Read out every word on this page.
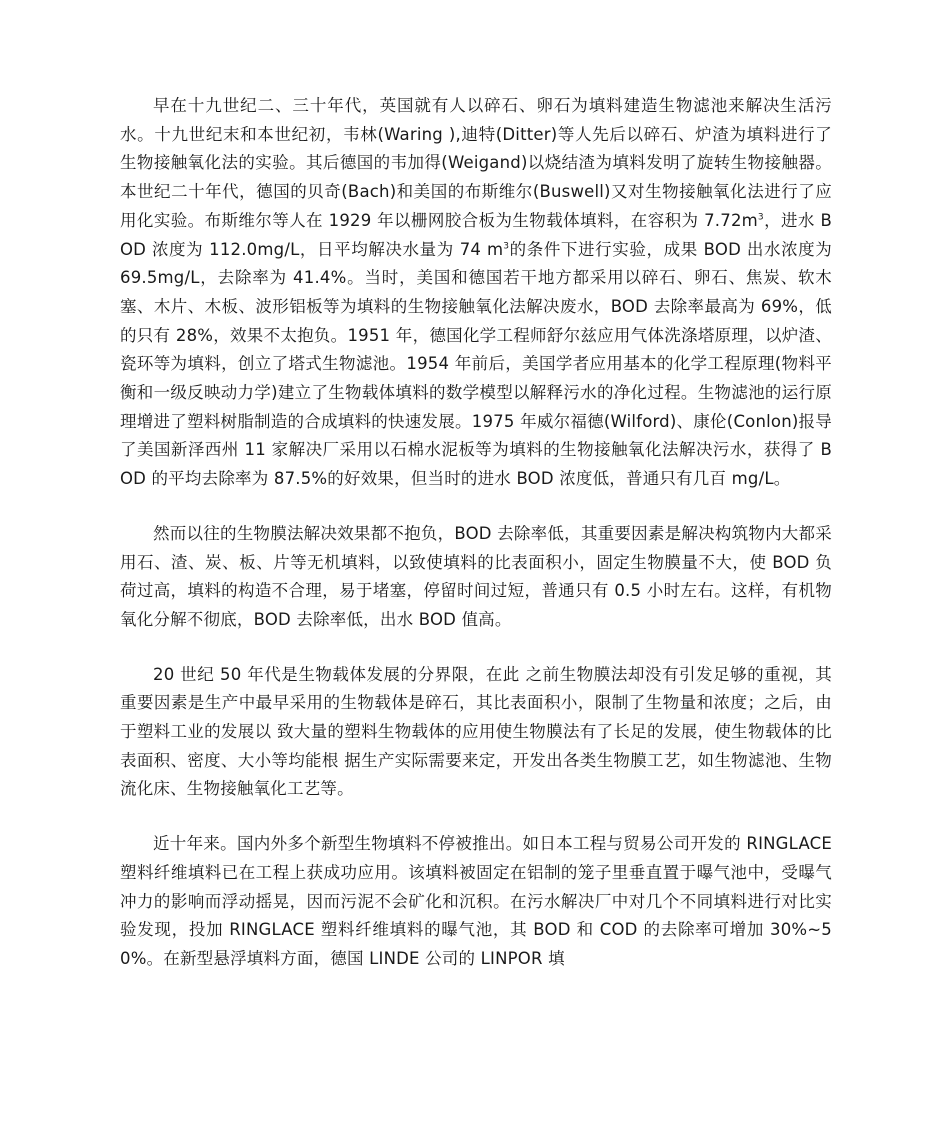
早在十九世纪二、三十年代，英国就有人以碎石、卵石为填料建造生物滤池来解决生活污水。十九世纪末和本世纪初，韦林(Waring ),迪特(Ditter)等人先后以碎石、炉渣为填料进行了生物接触氧化法的实验。其后德国的韦加得(Weigand)以烧结渣为填料发明了旋转生物接触器。本世纪二十年代，德国的贝奇(Bach)和美国的布斯维尔(Buswell)又对生物接触氧化法进行了应用化实验。布斯维尔等人在 1929 年以栅网胶合板为生物载体填料，在容积为 $7.72m^3$，进水 BOD 浓度为 112.0mg/L，日平均解决水量为 74 $m^3$的条件下进行实验，成果 BOD 出水浓度为 69.5mg/L，去除率为 41.4%。当时，美国和德国若干地方都采用以碎石、卵石、焦炭、软木塞、木片、木板、波形铝板等为填料的生物接触氧化法解决废水，BOD 去除率最高为 69%，低的只有 28%，效果不太抱负。1951 年，德国化学工程师舒尔兹应用气体洗涤塔原理，以炉渣、瓷环等为填料，创立了塔式生物滤池。1954 年前后，美国学者应用基本的化学工程原理(物料平衡和一级反映动力学)建立了生物载体填料的数学模型以解释污水的净化过程。生物滤池的运行原理增进了塑料树脂制造的合成填料的快速发展。1975 年威尔福德(Wilford)、康伦(Conlon)报导了美国新泽西州 11 家解决厂采用以石棉水泥板等为填料的生物接触氧化法解决污水，获得了 BOD 的平均去除率为 87.5%的好效果，但当时的进水 BOD 浓度低，普通只有几百 mg/L。

然而以往的生物膜法解决效果都不抱负，BOD 去除率低，其重要因素是解决构筑物内大都采用石、渣、炭、板、片等无机填料，以致使填料的比表面积小，固定生物膜量不大，使 BOD 负荷过高，填料的构造不合理，易于堵塞，停留时间过短，普通只有 0.5 小时左右。这样，有机物氧化分解不彻底，BOD 去除率低，出水 BOD 值高。

20 世纪 50 年代是生物载体发展的分界限，在此 之前生物膜法却没有引发足够的重视，其重要因素是生产中最早采用的生物载体是碎石，其比表面积小，限制了生物量和浓度；之后，由于塑料工业的发展以 致大量的塑料生物载体的应用使生物膜法有了长足的发展，使生物载体的比表面积、密度、大小等均能根 据生产实际需要来定，开发出各类生物膜工艺，如生物滤池、生物流化床、生物接触氧化工艺等。

近十年来。国内外多个新型生物填料不停被推出。如日本工程与贸易公司开发的 RINGLACE 塑料纤维填料已在工程上获成功应用。该填料被固定在铝制的笼子里垂直置于曝气池中，受曝气冲力的影响而浮动摇晃，因而污泥不会矿化和沉积。在污水解决厂中对几个不同填料进行对比实验发现，投加 RINGLACE 塑料纤维填料的曝气池，其 BOD 和 COD 的去除率可增加 30%~50%。在新型悬浮填料方面，德国 LINDE 公司的 LINPOR 填
